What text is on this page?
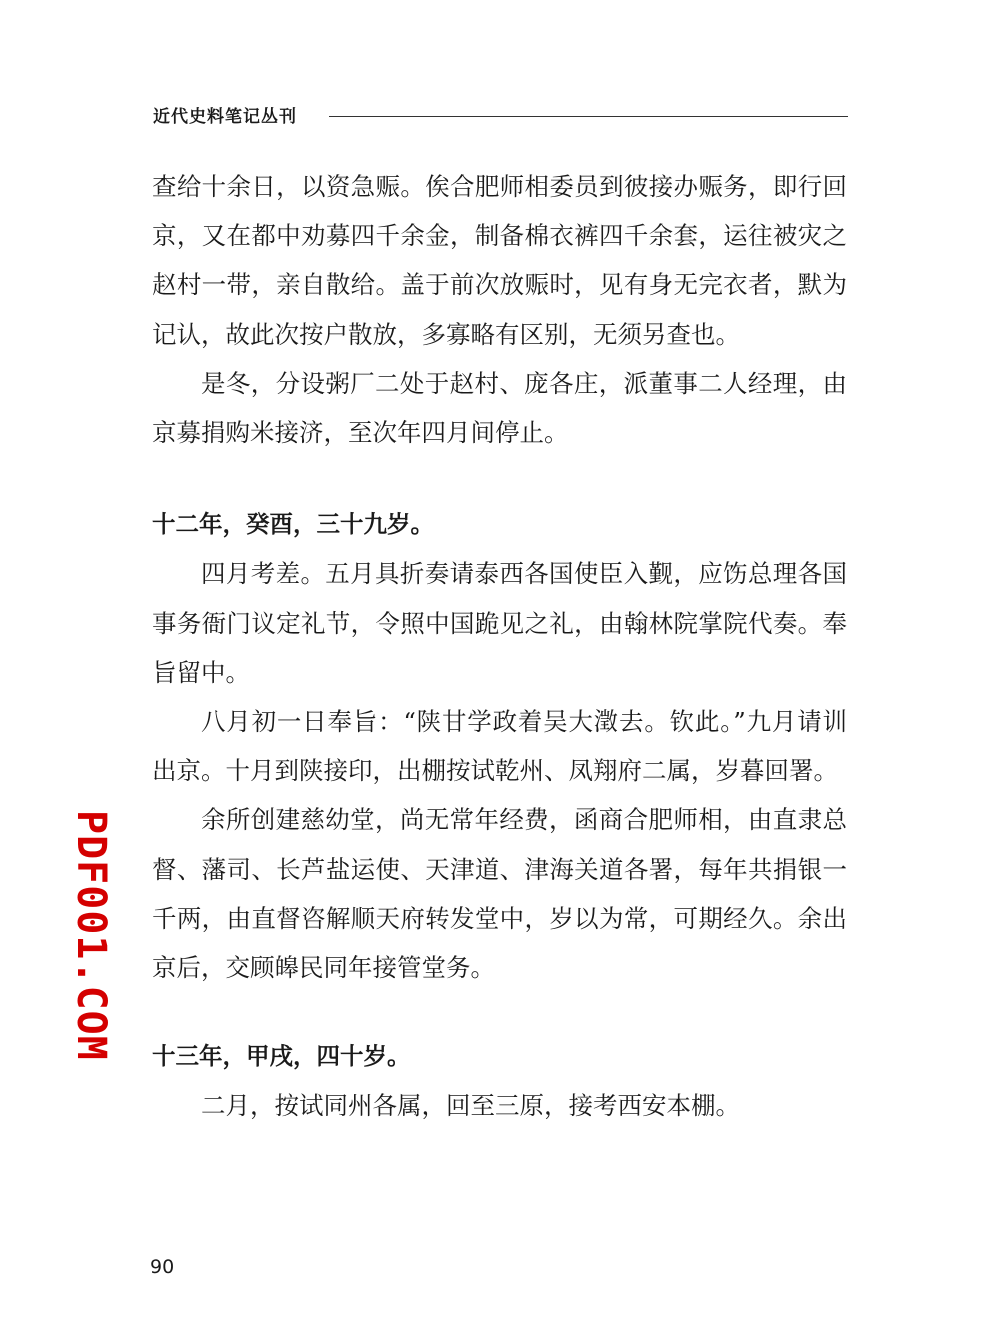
近代史料笔记丛刊

查给十余日，以资急赈。俟合肥师相委员到彼接办赈务，即行回京，又在都中劝募四千余金，制备棉衣裤四千余套，运往被灾之赵村一带，亲自散给。盖于前次放赈时，见有身无完衣者，默为记认，故此次按户散放，多寡略有区别，无须另查也。

是冬，分设粥厂二处于赵村、庞各庄，派董事二人经理，由京募捐购米接济，至次年四月间停止。

十二年，癸酉，三十九岁。

四月考差。五月具折奏请泰西各国使臣入觐，应饬总理各国事务衙门议定礼节，令照中国跪见之礼，由翰林院掌院代奏。奉旨留中。

八月初一日奉旨：“陕甘学政着吴大澂去。钦此。”九月请训出京。十月到陕接印，出棚按试乾州、凤翔府二属，岁暮回署。

余所创建慈幼堂，尚无常年经费，函商合肥师相，由直隶总督、藩司、长芦盐运使、天津道、津海关道各署，每年共捐银一千两，由直督咨解顺天府转发堂中，岁以为常，可期经久。余出京后，交顾皞民同年接管堂务。

十三年，甲戌，四十岁。

二月，按试同州各属，回至三原，接考西安本棚。

90
PDF001.COM
